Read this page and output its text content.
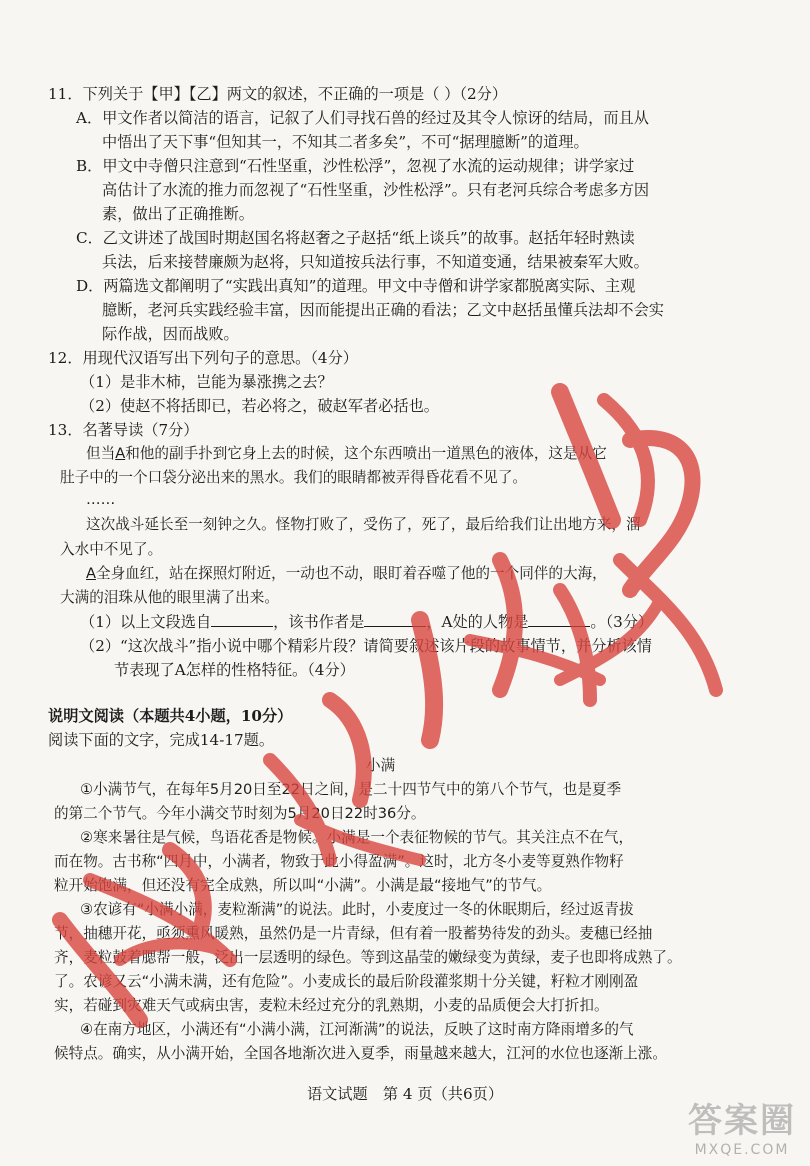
11．下列关于【甲】【乙】两文的叙述，不正确的一项是（ ）（2分）
A．甲文作者以简洁的语言，记叙了人们寻找石兽的经过及其令人惊讶的结局，而且从
中悟出了天下事“但知其一，不知其二者多矣”，不可“据理臆断”的道理。
B．甲文中寺僧只注意到“石性坚重，沙性松浮”，忽视了水流的运动规律；讲学家过
高估计了水流的推力而忽视了“石性坚重，沙性松浮”。只有老河兵综合考虑多方因
素，做出了正确推断。
C．乙文讲述了战国时期赵国名将赵奢之子赵括“纸上谈兵”的故事。赵括年轻时熟读
兵法，后来接替廉颇为赵将，只知道按兵法行事，不知道变通，结果被秦军大败。
D．两篇选文都阐明了“实践出真知”的道理。甲文中寺僧和讲学家都脱离实际、主观
臆断，老河兵实践经验丰富，因而能提出正确的看法；乙文中赵括虽懂兵法却不会实
际作战，因而战败。
12．用现代汉语写出下列句子的意思。（4分）
（1）是非木柿，岂能为暴涨携之去？
（2）使赵不将括即已，若必将之，破赵军者必括也。
13．名著导读（7分）
但当A和他的副手扑到它身上去的时候，这个东西喷出一道黑色的液体，这是从它
肚子中的一个口袋分泌出来的黑水。我们的眼睛都被弄得昏花看不见了。
……
这次战斗延长至一刻钟之久。怪物打败了，受伤了，死了，最后给我们让出地方来，溜
入水中不见了。
A全身血红，站在探照灯附近，一动也不动，眼盯着吞噬了他的一个同伴的大海，
大满的泪珠从他的眼里满了出来。
（1）以上文段选自	，该书作者是	，A处的人物是	。（3分）
（2）“这次战斗”指小说中哪个精彩片段？请简要叙述该片段的故事情节，并分析该情
节表现了A怎样的性格特征。（4分）
说明文阅读（本题共4小题，10分）
阅读下面的文字，完成14-17题。
小满
①小满节气，在每年5月20日至22日之间，是二十四节气中的第八个节气，也是夏季
的第二个节气。今年小满交节时刻为5月20日22时36分。
②寒来暑往是气候，鸟语花香是物候。小满是一个表征物候的节气。其关注点不在气，
而在物。古书称“四月中，小满者，物致于此小得盈满”。这时，北方冬小麦等夏熟作物籽
粒开始饱满，但还没有完全成熟，所以叫“小满”。小满是最“接地气”的节气。
③农谚有“小满小满，麦粒渐满”的说法。此时，小麦度过一冬的休眠期后，经过返青拔
节，抽穗开花，亟须熏风暖熟，虽然仍是一片青绿，但有着一股蓄势待发的劲头。麦穗已经抽
齐，麦粒鼓着腮帮一般，泛出一层透明的绿色。等到这晶莹的嫩绿变为黄绿，麦子也即将成熟了。
了。农谚又云“小满未满，还有危险”。小麦成长的最后阶段灌浆期十分关键，籽粒才刚刚盈
实，若碰到灾难天气或病虫害，麦粒未经过充分的乳熟期，小麦的品质便会大打折扣。
④在南方地区，小满还有“小满小满，江河渐满”的说法，反映了这时南方降雨增多的气
候特点。确实，从小满开始，全国各地渐次进入夏季，雨量越来越大，江河的水位也逐渐上涨。
语文试题　第 4 页（共6页）
答案圈
MXQE.COM
